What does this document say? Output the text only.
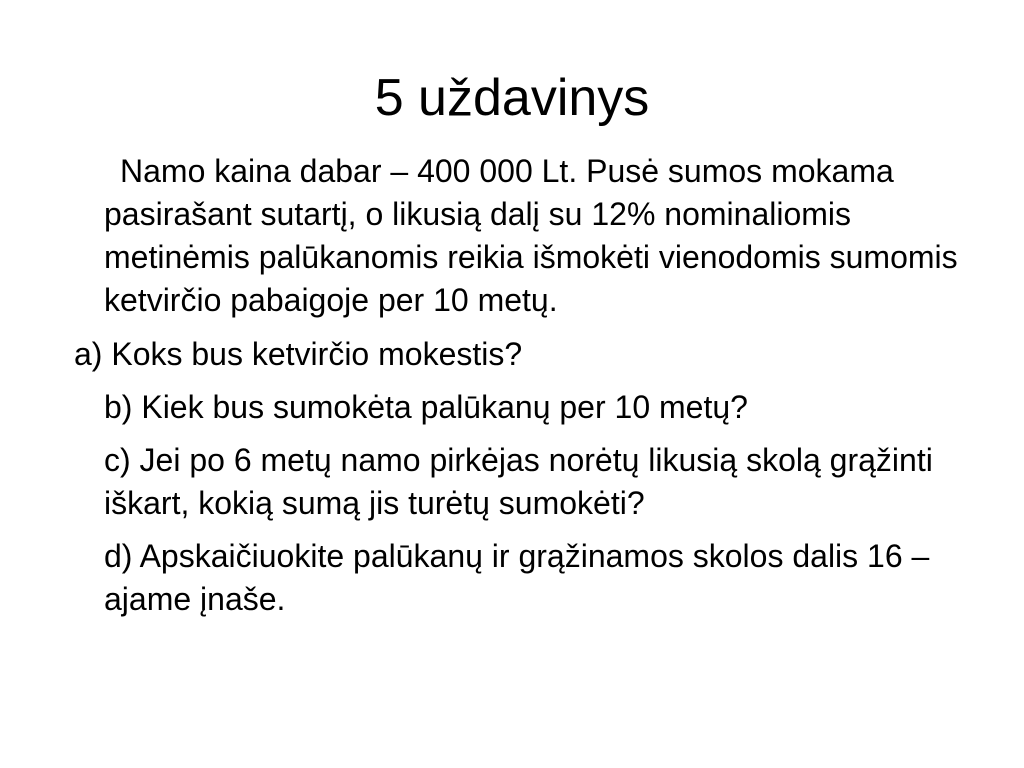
5 uždavinys

Namo kaina dabar – 400 000 Lt. Pusė sumos mokama pasirašant sutartį, o likusią dalį su 12% nominaliomis metinėmis palūkanomis reikia išmokėti vienodomis sumomis ketvirčio pabaigoje per 10 metų.

a) Koks bus ketvirčio mokestis?

b) Kiek bus sumokėta palūkanų per 10 metų?

c) Jei po 6 metų namo pirkėjas norėtų likusią skolą grąžinti iškart, kokią sumą jis turėtų sumokėti?

d) Apskaičiuokite palūkanų ir grąžinamos skolos dalis 16 – ajame įnaše.
